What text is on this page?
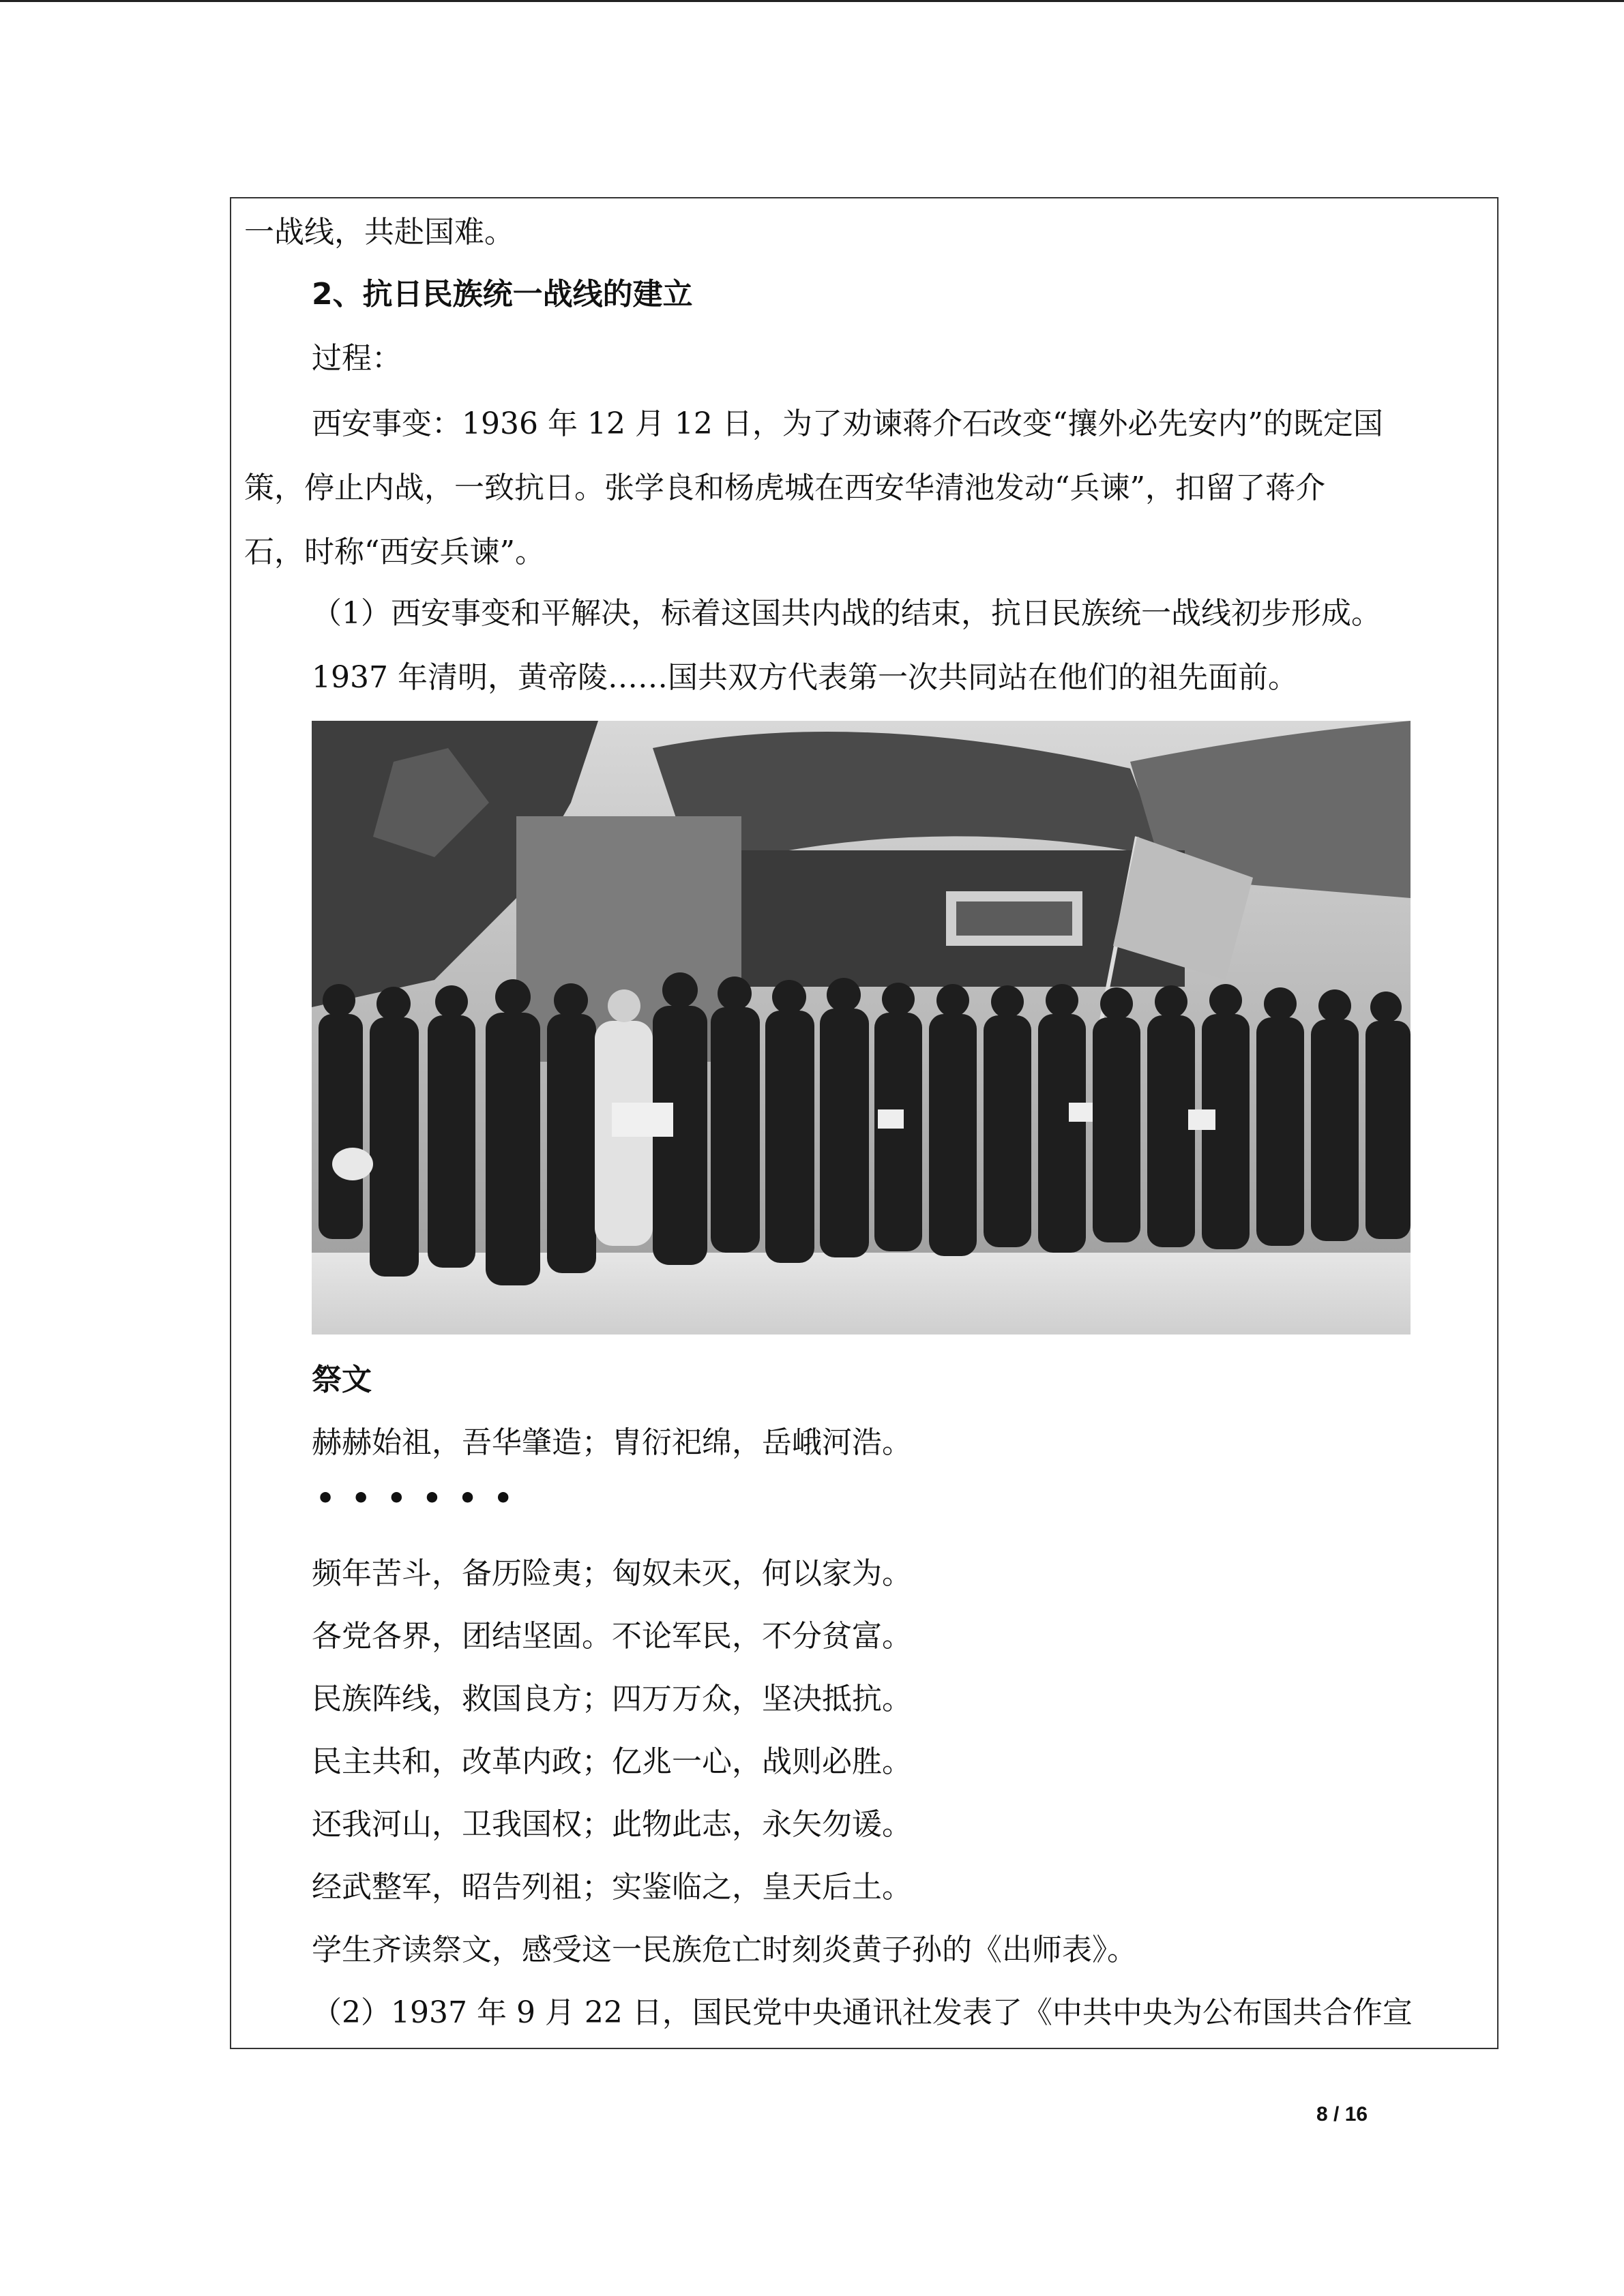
一战线，共赴国难。
2、抗日民族统一战线的建立
过程：
西安事变：1936 年 12 月 12 日，为了劝谏蒋介石改变“攘外必先安内”的既定国
策，停止内战，一致抗日。张学良和杨虎城在西安华清池发动“兵谏”，扣留了蒋介
石，时称“西安兵谏”。
（1）西安事变和平解决，标着这国共内战的结束，抗日民族统一战线初步形成。
1937 年清明，黄帝陵……国共双方代表第一次共同站在他们的祖先面前。
祭文
赫赫始祖，吾华肇造；胄衍祀绵，岳峨河浩。
••••••
频年苦斗，备历险夷；匈奴未灭，何以家为。
各党各界，团结坚固。不论军民，不分贫富。
民族阵线，救国良方；四万万众，坚决抵抗。
民主共和，改革内政；亿兆一心，战则必胜。
还我河山，卫我国权；此物此志，永矢勿谖。
经武整军，昭告列祖；实鉴临之，皇天后土。
学生齐读祭文，感受这一民族危亡时刻炎黄子孙的《出师表》。
（2）1937 年 9 月 22 日，国民党中央通讯社发表了《中共中央为公布国共合作宣
8 / 16
